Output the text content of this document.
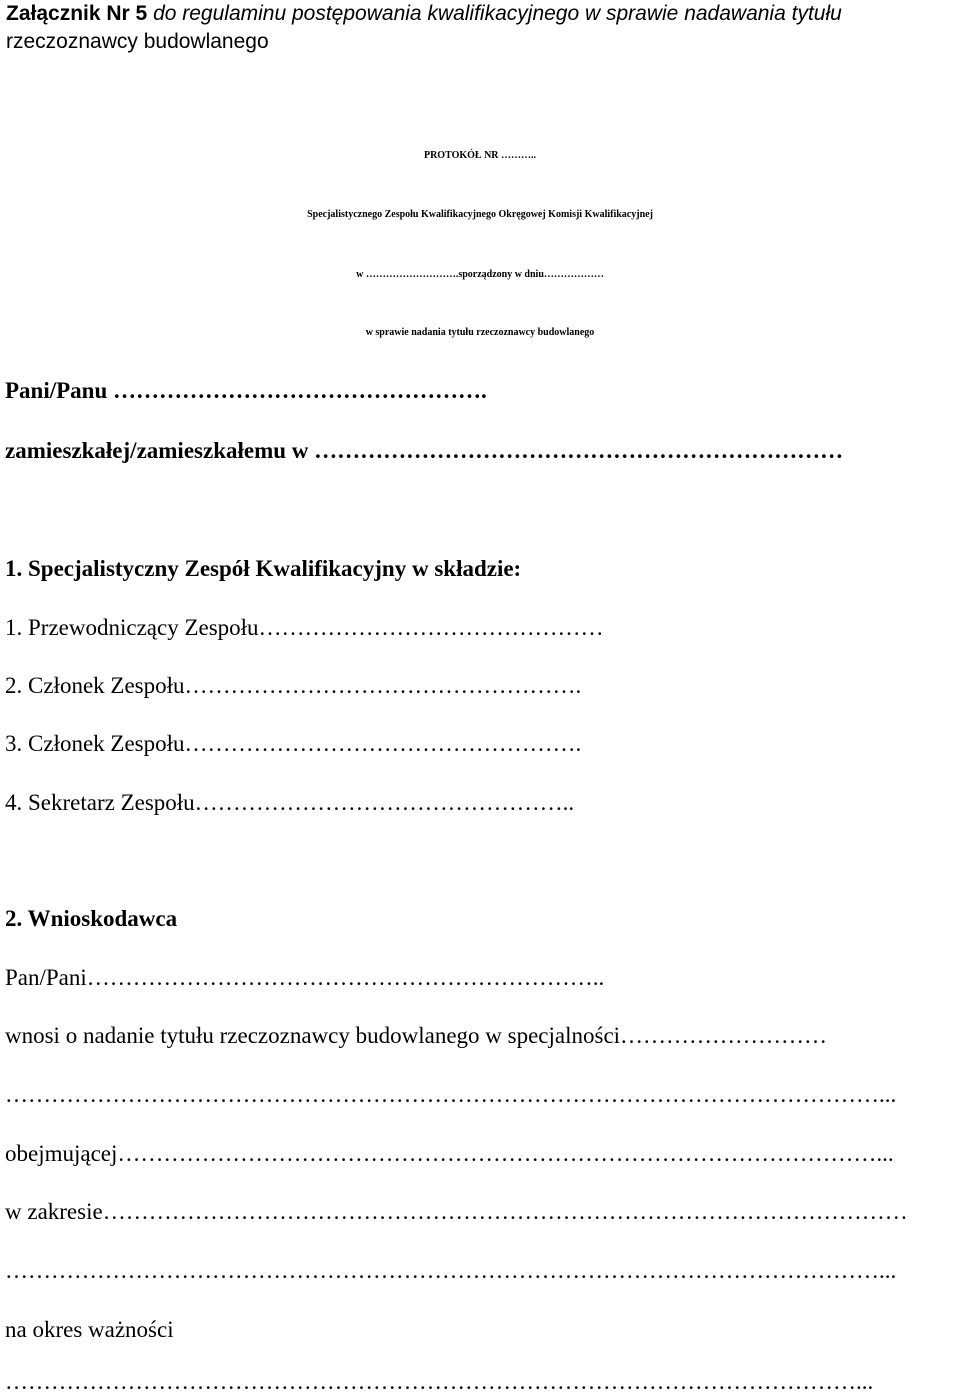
Załącznik Nr 5 do regulaminu postępowania kwalifikacyjnego w sprawie nadawania tytułu
rzeczoznawcy budowlanego
PROTOKÓŁ NR ………..
Specjalistycznego Zespołu Kwalifikacyjnego Okręgowej Komisji Kwalifikacyjnej
w ……………………….sporządzony w dniu………………
w sprawie nadania tytułu rzeczoznawcy budowlanego
Pani/Panu ………………………………………….
zamieszkałej/zamieszkałemu w ……………………………………………………………
1. Specjalistyczny Zespół Kwalifikacyjny w składzie:
1. Przewodniczący Zespołu………………………………………
2. Członek Zespołu…………………………………………….
3. Członek Zespołu…………………………………………….
4. Sekretarz Zespołu…………………………………………..
2. Wnioskodawca
Pan/Pani…………………………………………………………..
wnosi o nadanie tytułu rzeczoznawcy budowlanego w specjalności………………………
……………………………………………………………………………………………………...
obejmującej………………………………………………………………………………………...
w zakresie……………………………………………………………………………………………
……………………………………………………………………………………………………...
na okres ważności
…………………………………………………………………………………………………...
